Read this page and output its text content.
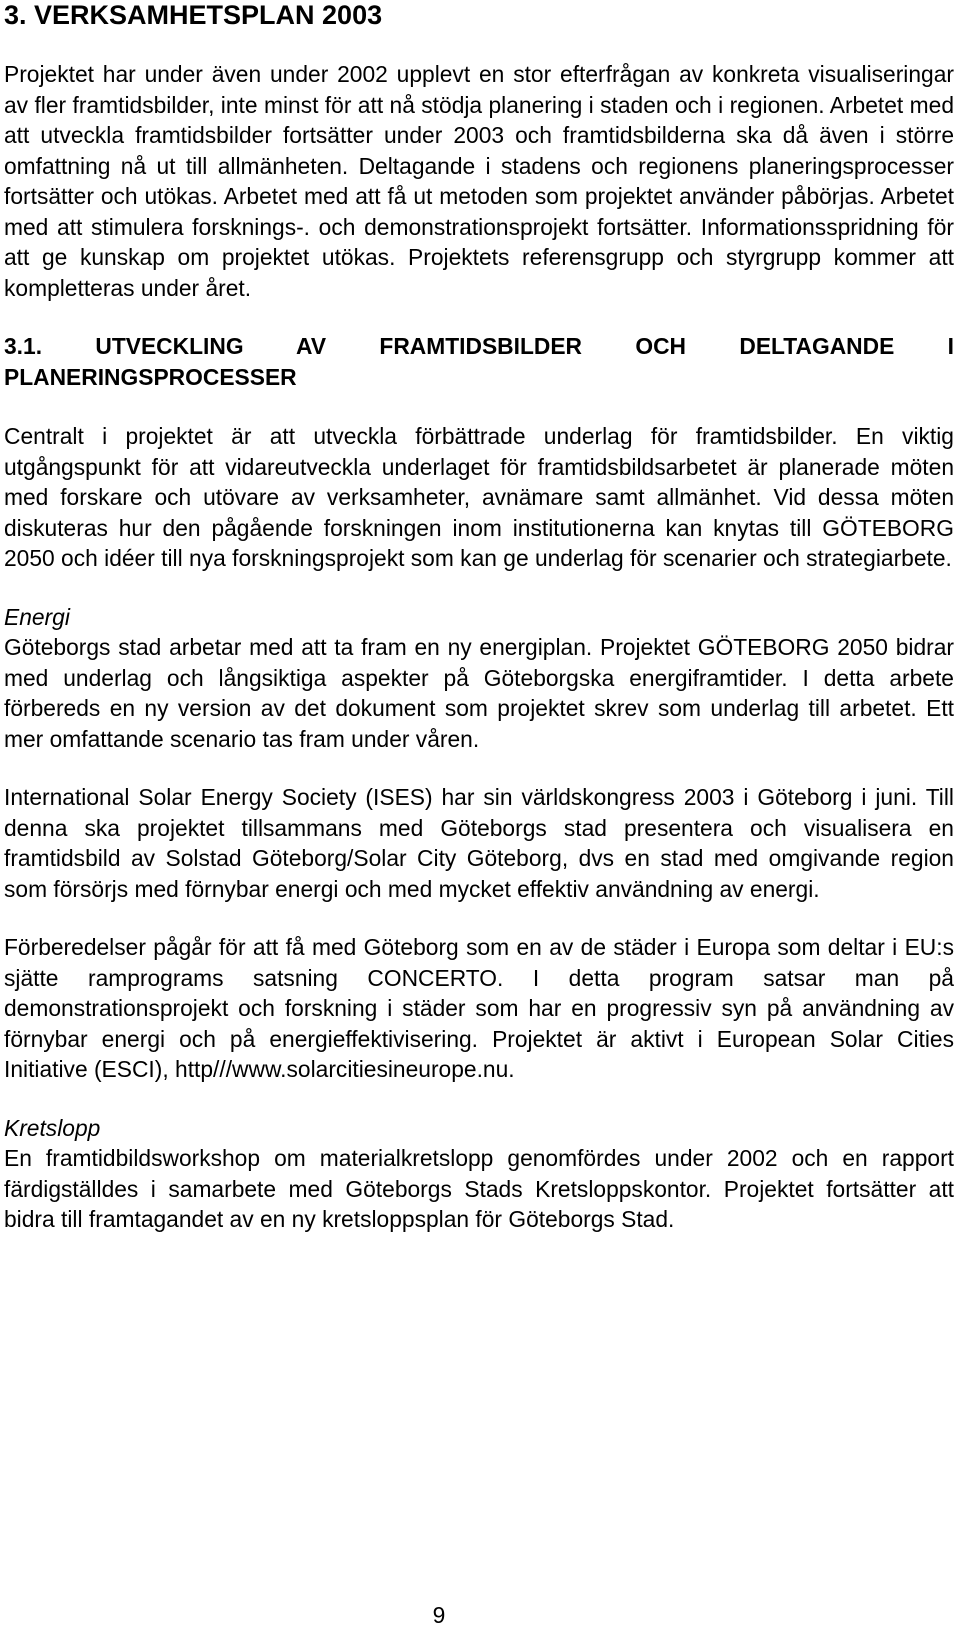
3. VERKSAMHETSPLAN 2003

Projektet har under även under 2002 upplevt en stor efterfrågan av konkreta visualiseringar av fler framtidsbilder, inte minst för att nå stödja planering i staden och i regionen. Arbetet med att utveckla framtidsbilder fortsätter under 2003 och framtidsbilderna ska då även i större omfattning nå ut till allmänheten. Deltagande i stadens och regionens planeringsprocesser fortsätter och utökas. Arbetet med att få ut metoden som projektet använder påbörjas. Arbetet med att stimulera forsknings-. och demonstrationsprojekt fortsätter. Informationsspridning för att ge kunskap om projektet utökas. Projektets referensgrupp och styrgrupp kommer att kompletteras under året.

3.1. UTVECKLING AV FRAMTIDSBILDER OCH DELTAGANDE I PLANERINGSPROCESSER

Centralt i projektet är att utveckla förbättrade underlag för framtidsbilder. En viktig utgångspunkt för att vidareutveckla underlaget för framtidsbildsarbetet är planerade möten med forskare och utövare av verksamheter, avnämare samt allmänhet. Vid dessa möten diskuteras hur den pågående forskningen inom institutionerna kan knytas till GÖTEBORG 2050 och idéer till nya forskningsprojekt som kan ge underlag för scenarier och strategiarbete.

Energi

Göteborgs stad arbetar med att ta fram en ny energiplan. Projektet GÖTEBORG 2050 bidrar med underlag och långsiktiga aspekter på Göteborgska energiframtider. I detta arbete förbereds en ny version av det dokument som projektet skrev som underlag till arbetet. Ett mer omfattande scenario tas fram under våren.

International Solar Energy Society (ISES) har sin världskongress 2003 i Göteborg i juni. Till denna ska projektet tillsammans med Göteborgs stad presentera och visualisera en framtidsbild av Solstad Göteborg/Solar City Göteborg, dvs en stad med omgivande region som försörjs med förnybar energi och med mycket effektiv användning av energi.

Förberedelser pågår för att få med Göteborg som en av de städer i Europa som deltar i EU:s sjätte ramprograms satsning CONCERTO. I detta program satsar man på demonstrationsprojekt och forskning i städer som har en progressiv syn på användning av förnybar energi och på energieffektivisering. Projektet är aktivt i European Solar Cities Initiative (ESCI), http///www.solarcitiesineurope.nu.

Kretslopp

En framtidbildsworkshop om materialkretslopp genomfördes under 2002 och en rapport färdigställdes i samarbete med Göteborgs Stads Kretsloppskontor. Projektet fortsätter att bidra till framtagandet av en ny kretsloppsplan för Göteborgs Stad.

9
